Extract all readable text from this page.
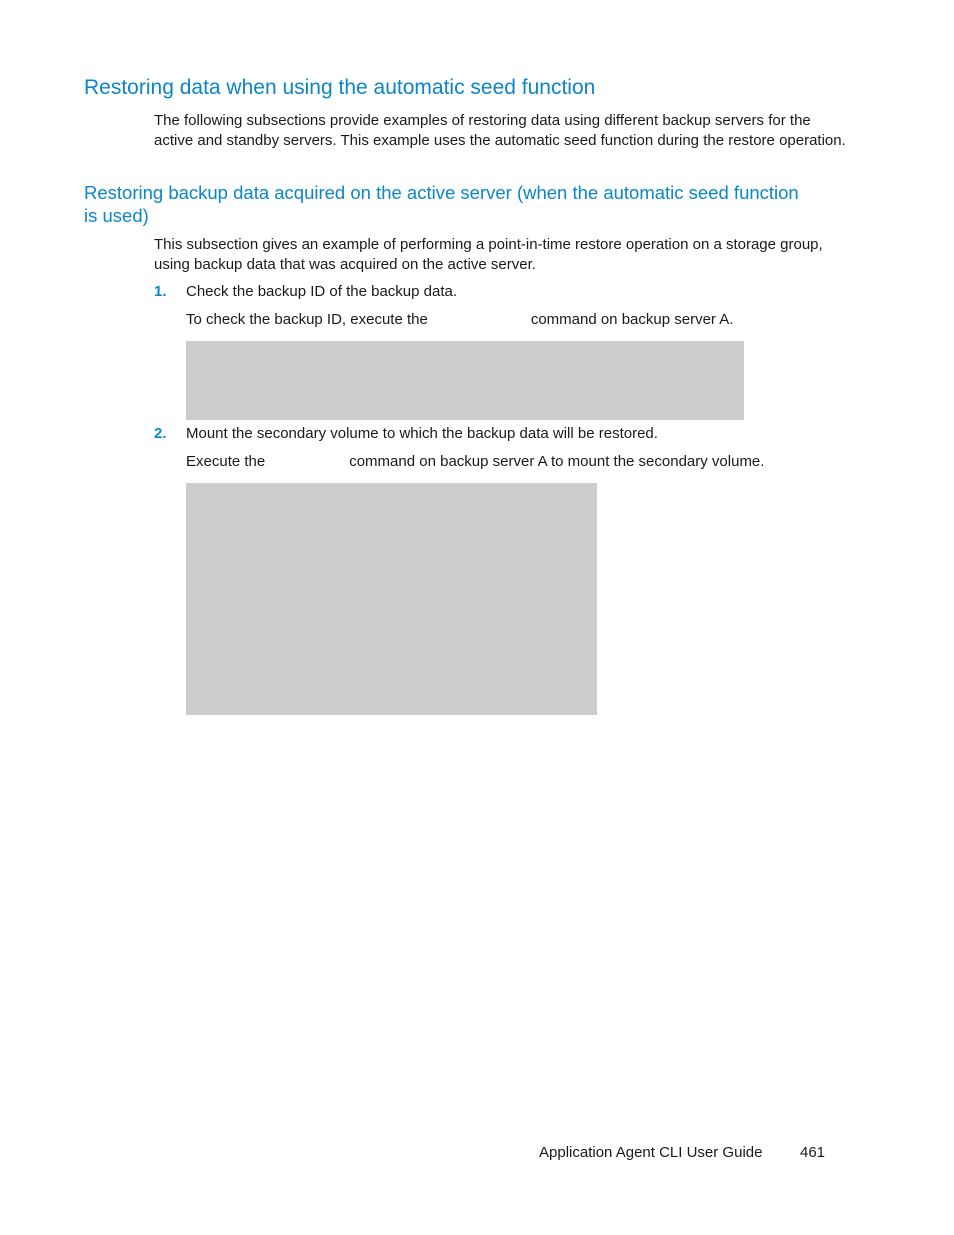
Restoring data when using the automatic seed function
The following subsections provide examples of restoring data using different backup servers for the
active and standby servers. This example uses the automatic seed function during the restore operation.
Restoring backup data acquired on the active server (when the automatic seed function is used)
This subsection gives an example of performing a point-in-time restore operation on a storage group,
using backup data that was acquired on the active server.
1. Check the backup ID of the backup data.
To check the backup ID, execute the	command on backup server A.
2. Mount the secondary volume to which the backup data will be restored.
Execute the	command on backup server A to mount the secondary volume.
Application Agent CLI User Guide	461
